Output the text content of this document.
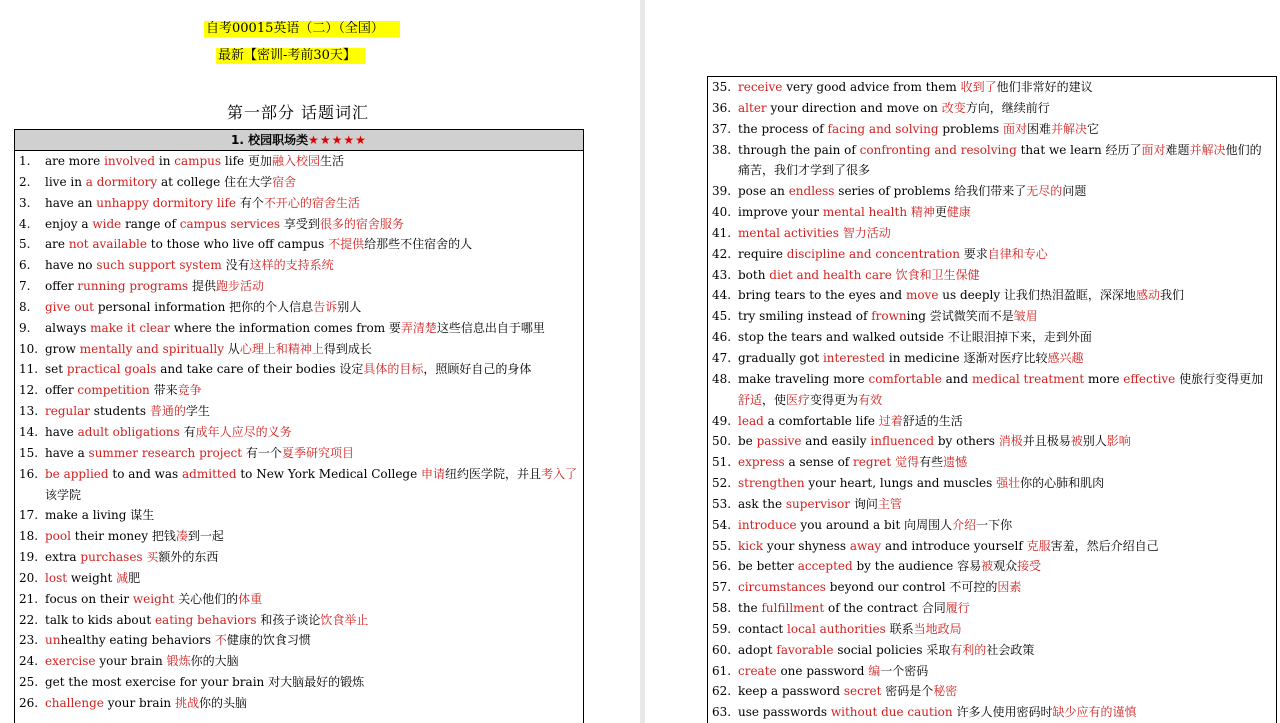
自考00015英语（二）（全国）
最新【密训-考前30天】
第一部分 话题词汇
1. 校园职场类★★★★★
1. are more involved in campus life 更加融入校园生活
2. live in a dormitory at college 住在大学宿舍
3. have an unhappy dormitory life 有个不开心的宿舍生活
4. enjoy a wide range of campus services 享受到很多的宿舍服务
5. are not available to those who live off campus 不提供给那些不住宿舍的人
6. have no such support system 没有这样的支持系统
7. offer running programs 提供跑步活动
8. give out personal information 把你的个人信息告诉别人
9. always make it clear where the information comes from 要弄清楚这些信息出自于哪里
10. grow mentally and spiritually 从心理上和精神上得到成长
11. set practical goals and take care of their bodies 设定具体的目标，照顾好自己的身体
12. offer competition 带来竞争
13. regular students 普通的学生
14. have adult obligations 有成年人应尽的义务
15. have a summer research project 有一个夏季研究项目
16. be applied to and was admitted to New York Medical College 申请纽约医学院，并且考入了该学院
17. make a living 谋生
18. pool their money 把钱凑到一起
19. extra purchases 买额外的东西
20. lost weight 减肥
21. focus on their weight 关心他们的体重
22. talk to kids about eating behaviors 和孩子谈论饮食举止
23. unhealthy eating behaviors 不健康的饮食习惯
24. exercise your brain 锻炼你的大脑
25. get the most exercise for your brain 对大脑最好的锻炼
26. challenge your brain 挑战你的头脑
35. receive very good advice from them 收到了他们非常好的建议
36. alter your direction and move on 改变方向，继续前行
37. the process of facing and solving problems 面对困难并解决它
38. through the pain of confronting and resolving that we learn 经历了面对难题并解决他们的痛苦，我们才学到了很多
39. pose an endless series of problems 给我们带来了无尽的问题
40. improve your mental health 精神更健康
41. mental activities 智力活动
42. require discipline and concentration 要求自律和专心
43. both diet and health care 饮食和卫生保健
44. bring tears to the eyes and move us deeply 让我们热泪盈眶，深深地感动我们
45. try smiling instead of frowning 尝试微笑而不是皱眉
46. stop the tears and walked outside 不让眼泪掉下来，走到外面
47. gradually got interested in medicine 逐渐对医疗比较感兴趣
48. make traveling more comfortable and medical treatment more effective 使旅行变得更加舒适，使医疗变得更为有效
49. lead a comfortable life 过着舒适的生活
50. be passive and easily influenced by others 消极并且极易被别人影响
51. express a sense of regret 觉得有些遗憾
52. strengthen your heart, lungs and muscles 强壮你的心肺和肌肉
53. ask the supervisor 询问主管
54. introduce you around a bit 向周围人介绍一下你
55. kick your shyness away and introduce yourself 克服害羞，然后介绍自己
56. be better accepted by the audience 容易被观众接受
57. circumstances beyond our control 不可控的因素
58. the fulfillment of the contract 合同履行
59. contact local authorities 联系当地政局
60. adopt favorable social policies 采取有利的社会政策
61. create one password 编一个密码
62. keep a password secret 密码是个秘密
63. use passwords without due caution 许多人使用密码时缺少应有的谨慎
